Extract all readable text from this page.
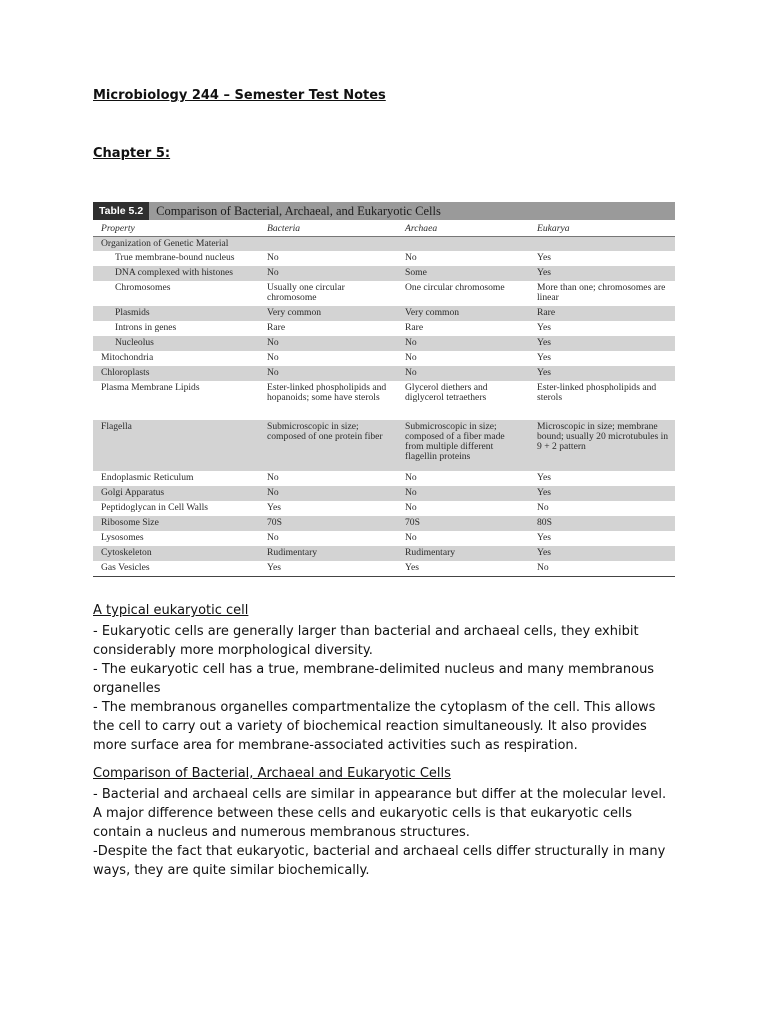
Microbiology 244 – Semester Test Notes

Chapter 5:

Table 5.2	Comparison of Bacterial, Archaeal, and Eukaryotic Cells
Property	Bacteria	Archaea	Eukarya
Organization of Genetic Material			
True membrane-bound nucleus	No	No	Yes
DNA complexed with histones	No	Some	Yes
Chromosomes	Usually one circular chromosome	One circular chromosome	More than one; chromosomes are linear
Plasmids	Very common	Very common	Rare
Introns in genes	Rare	Rare	Yes
Nucleolus	No	No	Yes
Mitochondria	No	No	Yes
Chloroplasts	No	No	Yes
Plasma Membrane Lipids	Ester-linked phospholipids and hopanoids; some have sterols	Glycerol diethers and diglycerol tetraethers	Ester-linked phospholipids and sterols
Flagella	Submicroscopic in size; composed of one protein fiber	Submicroscopic in size; composed of a fiber made from multiple different flagellin proteins	Microscopic in size; membrane bound; usually 20 microtubules in 9 + 2 pattern
Endoplasmic Reticulum	No	No	Yes
Golgi Apparatus	No	No	Yes
Peptidoglycan in Cell Walls	Yes	No	No
Ribosome Size	70S	70S	80S
Lysosomes	No	No	Yes
Cytoskeleton	Rudimentary	Rudimentary	Yes
Gas Vesicles	Yes	Yes	No

A typical eukaryotic cell

- Eukaryotic cells are generally larger than bacterial and archaeal cells, they exhibit considerably more morphological diversity.

- The eukaryotic cell has a true, membrane-delimited nucleus and many membranous organelles

- The membranous organelles compartmentalize the cytoplasm of the cell. This allows the cell to carry out a variety of biochemical reaction simultaneously. It also provides more surface area for membrane-associated activities such as respiration.

Comparison of Bacterial, Archaeal and Eukaryotic Cells

- Bacterial and archaeal cells are similar in appearance but differ at the molecular level. A major difference between these cells and eukaryotic cells is that eukaryotic cells contain a nucleus and numerous membranous structures.

-Despite the fact that eukaryotic, bacterial and archaeal cells differ structurally in many ways, they are quite similar biochemically.
